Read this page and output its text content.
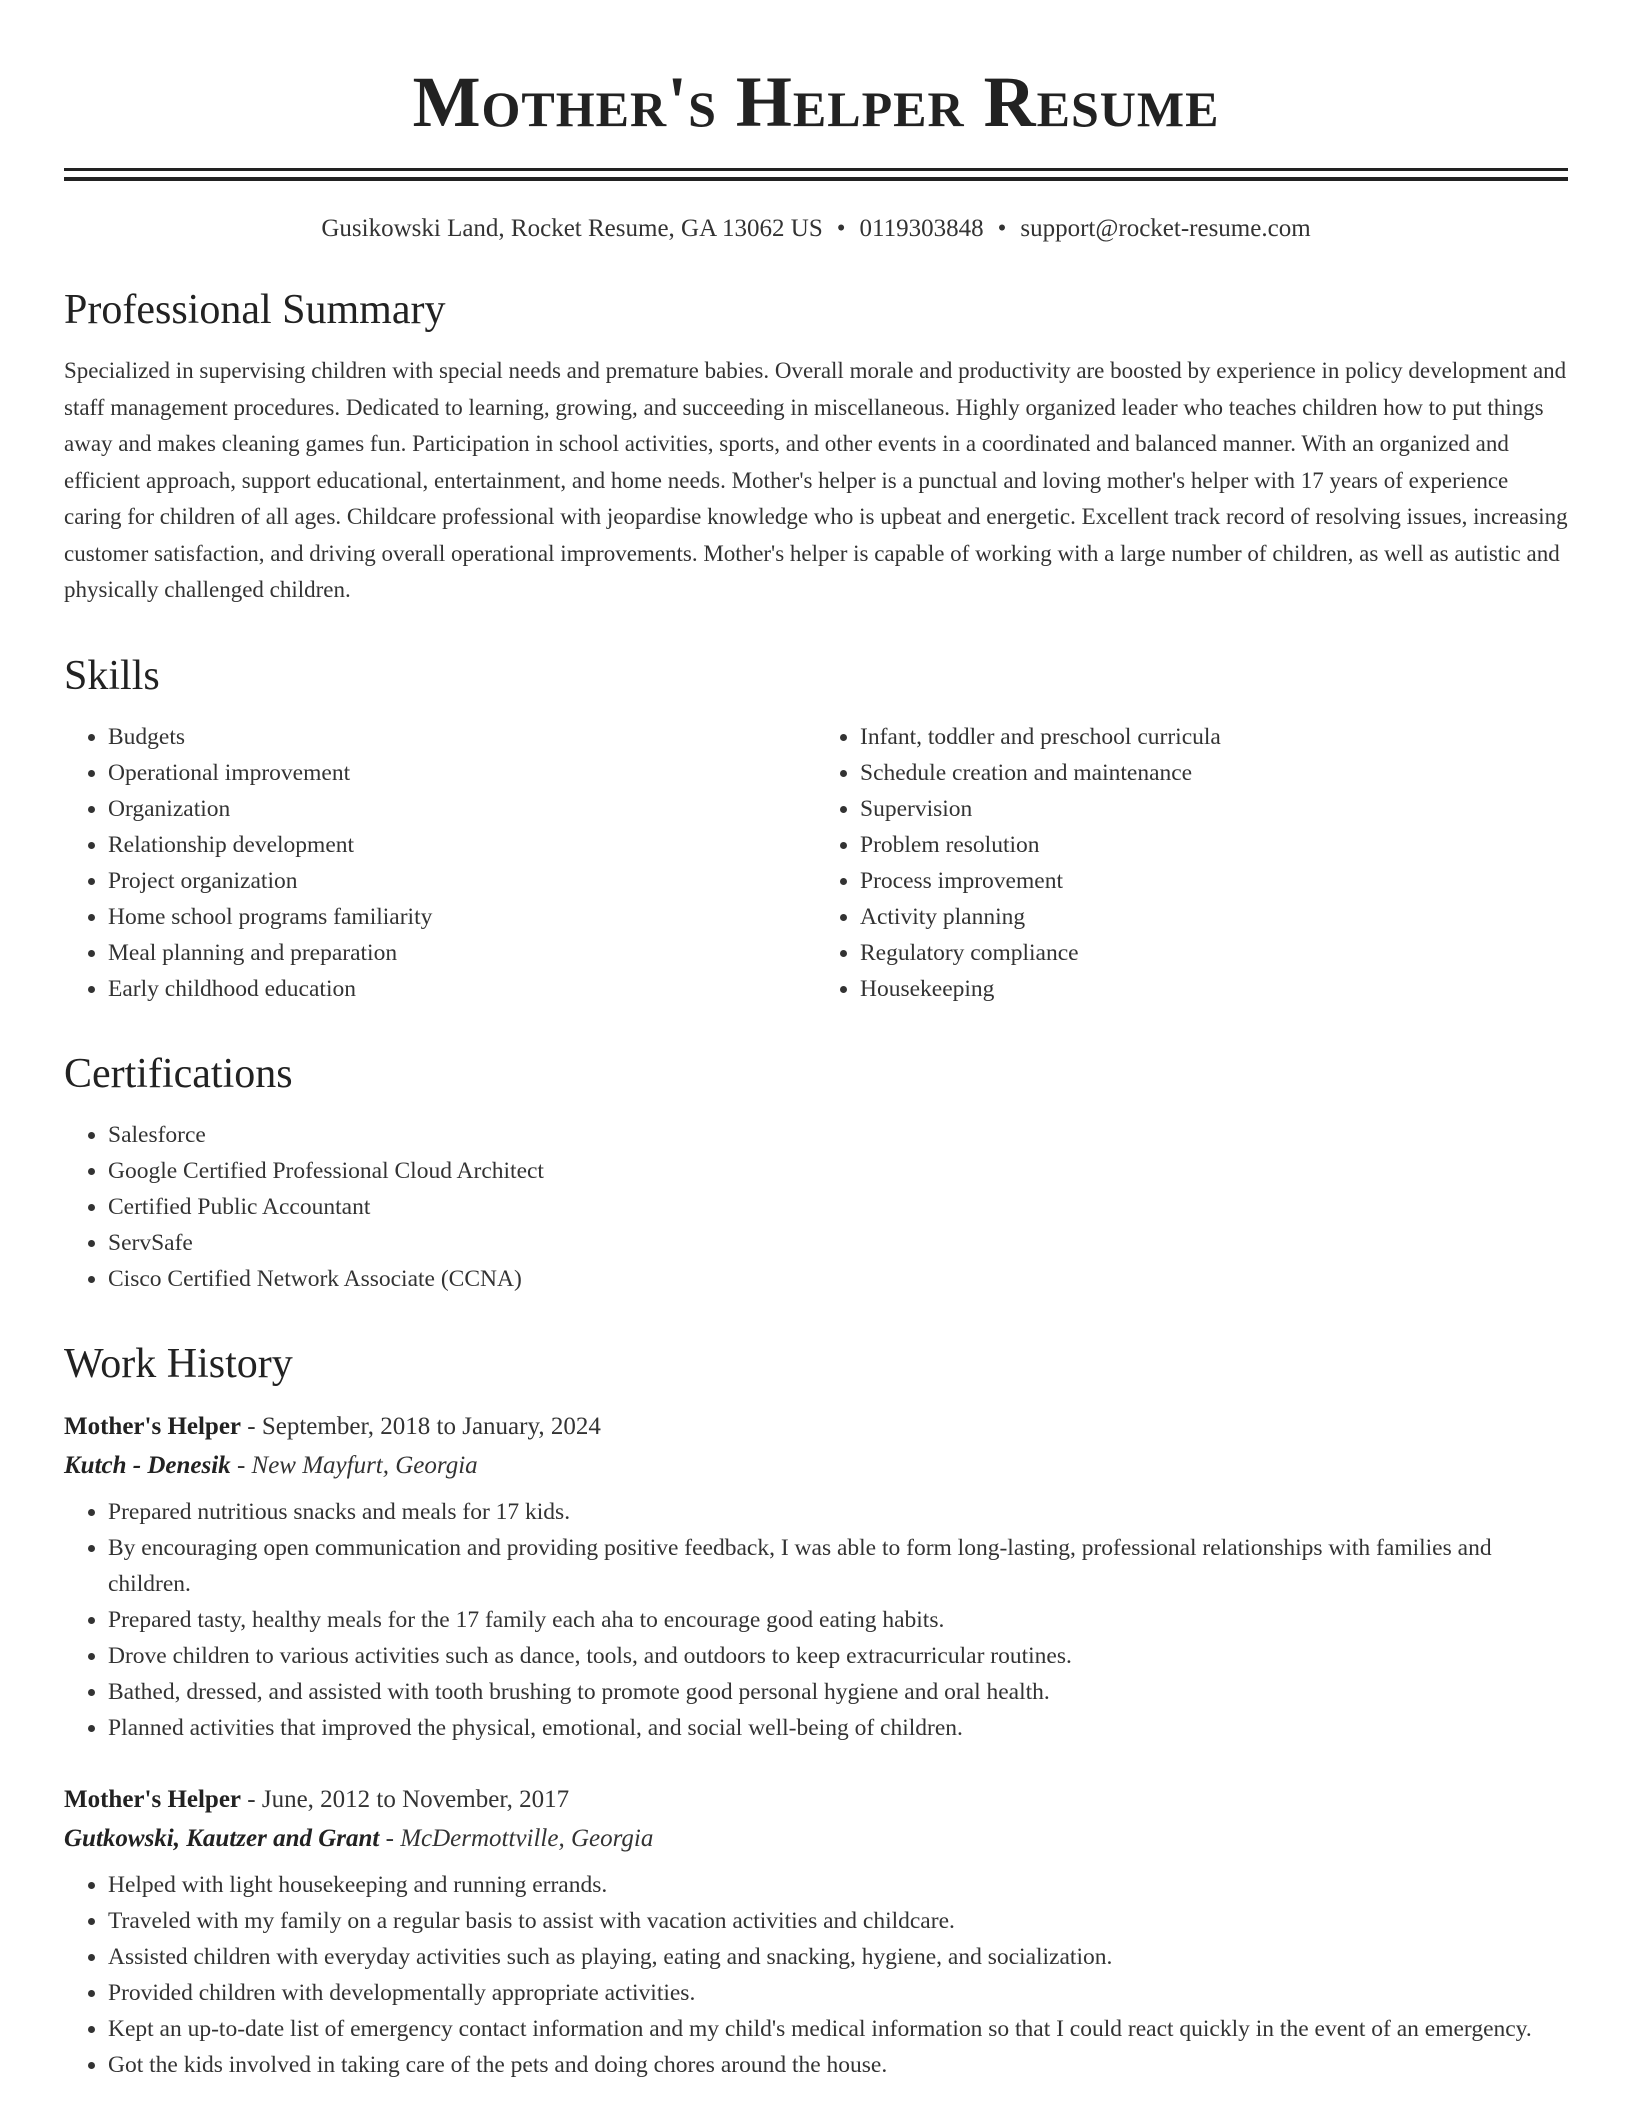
Mother's Helper Resume
Gusikowski Land, Rocket Resume, GA 13062 US • 0119303848 • support@rocket-resume.com
Professional Summary
Specialized in supervising children with special needs and premature babies. Overall morale and productivity are boosted by experience in policy development and staff management procedures. Dedicated to learning, growing, and succeeding in miscellaneous. Highly organized leader who teaches children how to put things away and makes cleaning games fun. Participation in school activities, sports, and other events in a coordinated and balanced manner. With an organized and efficient approach, support educational, entertainment, and home needs. Mother's helper is a punctual and loving mother's helper with 17 years of experience caring for children of all ages. Childcare professional with jeopardise knowledge who is upbeat and energetic. Excellent track record of resolving issues, increasing customer satisfaction, and driving overall operational improvements. Mother's helper is capable of working with a large number of children, as well as autistic and physically challenged children.
Skills
• Budgets
• Operational improvement
• Organization
• Relationship development
• Project organization
• Home school programs familiarity
• Meal planning and preparation
• Early childhood education
• Infant, toddler and preschool curricula
• Schedule creation and maintenance
• Supervision
• Problem resolution
• Process improvement
• Activity planning
• Regulatory compliance
• Housekeeping
Certifications
• Salesforce
• Google Certified Professional Cloud Architect
• Certified Public Accountant
• ServSafe
• Cisco Certified Network Associate (CCNA)
Work History
Mother's Helper - September, 2018 to January, 2024
Kutch - Denesik - New Mayfurt, Georgia
• Prepared nutritious snacks and meals for 17 kids.
• By encouraging open communication and providing positive feedback, I was able to form long-lasting, professional relationships with families and children.
• Prepared tasty, healthy meals for the 17 family each aha to encourage good eating habits.
• Drove children to various activities such as dance, tools, and outdoors to keep extracurricular routines.
• Bathed, dressed, and assisted with tooth brushing to promote good personal hygiene and oral health.
• Planned activities that improved the physical, emotional, and social well-being of children.
Mother's Helper - June, 2012 to November, 2017
Gutkowski, Kautzer and Grant - McDermottville, Georgia
• Helped with light housekeeping and running errands.
• Traveled with my family on a regular basis to assist with vacation activities and childcare.
• Assisted children with everyday activities such as playing, eating and snacking, hygiene, and socialization.
• Provided children with developmentally appropriate activities.
• Kept an up-to-date list of emergency contact information and my child's medical information so that I could react quickly in the event of an emergency.
• Got the kids involved in taking care of the pets and doing chores around the house.
